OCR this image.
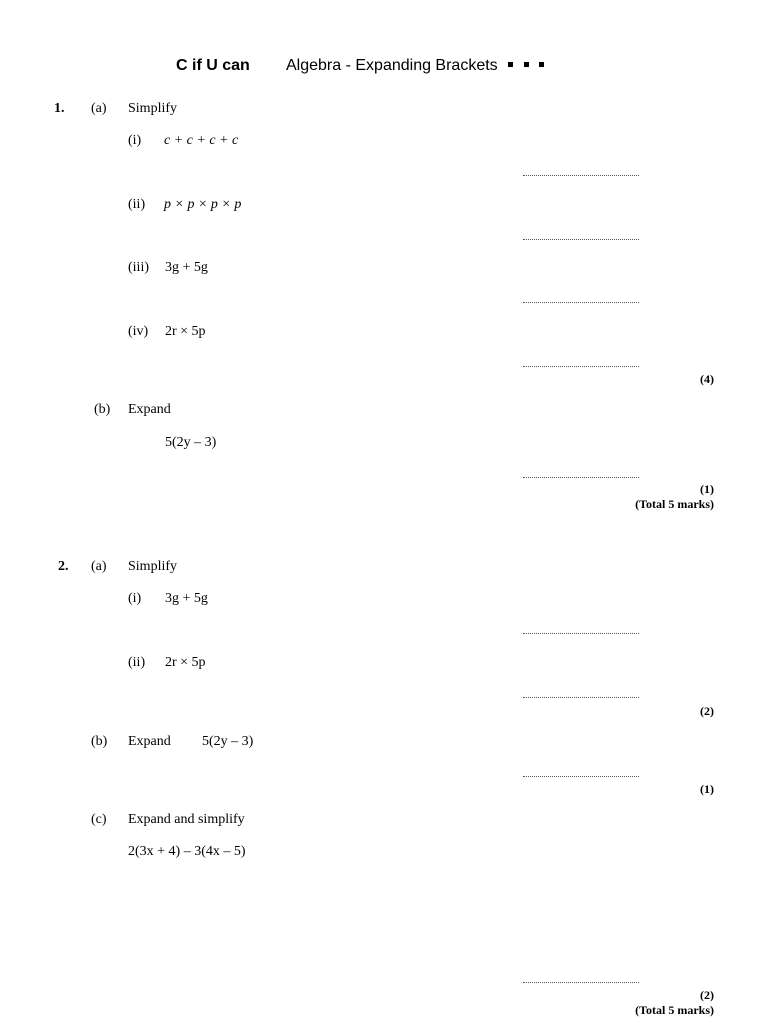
C if U can Algebra - Expanding Brackets
1. (a) Simplify
(i) c + c + c + c
(ii) p × p × p × p
(iii) 3g + 5g
(iv) 2r × 5p
(4)
(b) Expand
5(2y – 3)
(1)
(Total 5 marks)
2. (a) Simplify
(i) 3g + 5g
(ii) 2r × 5p
(2)
(b) Expand 5(2y – 3)
(1)
(c) Expand and simplify
2(3x + 4) – 3(4x – 5)
(2)
(Total 5 marks)
